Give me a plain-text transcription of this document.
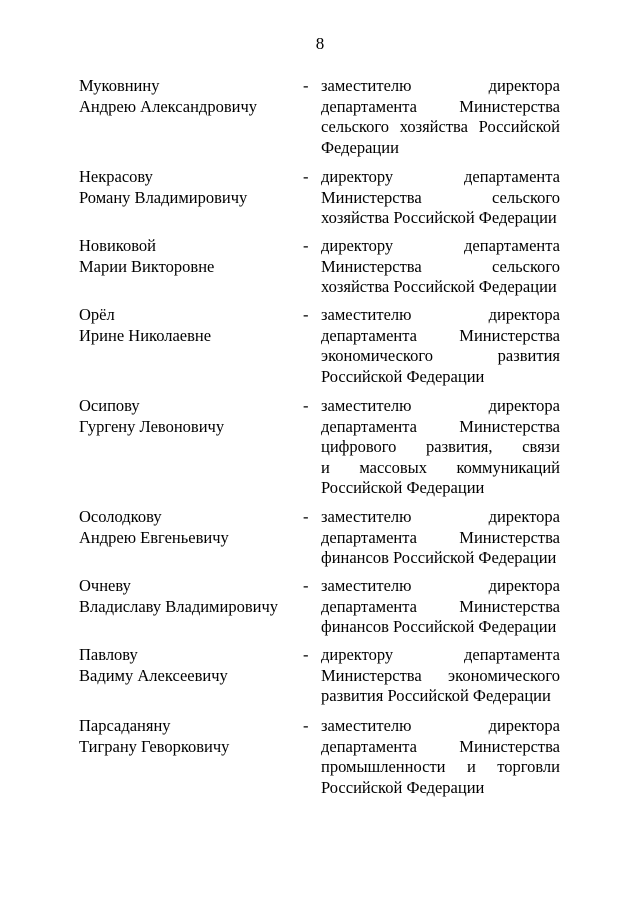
8
Муковнину
Андрею Александровичу
- заместителю директора
департамента Министерства
сельского хозяйства Российской
Федерации
Некрасову
Роману Владимировичу
- директору департамента
Министерства сельского
хозяйства Российской Федерации
Новиковой
Марии Викторовне
- директору департамента
Министерства сельского
хозяйства Российской Федерации
Орёл
Ирине Николаевне
- заместителю директора
департамента Министерства
экономического развития
Российской Федерации
Осипову
Гургену Левоновичу
- заместителю директора
департамента Министерства
цифрового развития, связи
и массовых коммуникаций
Российской Федерации
Осолодкову
Андрею Евгеньевичу
- заместителю директора
департамента Министерства
финансов Российской Федерации
Очневу
Владиславу Владимировичу
- заместителю директора
департамента Министерства
финансов Российской Федерации
Павлову
Вадиму Алексеевичу
- директору департамента
Министерства экономического
развития Российской Федерации
Парсаданяну
Тиграну Геворковичу
- заместителю директора
департамента Министерства
промышленности и торговли
Российской Федерации
